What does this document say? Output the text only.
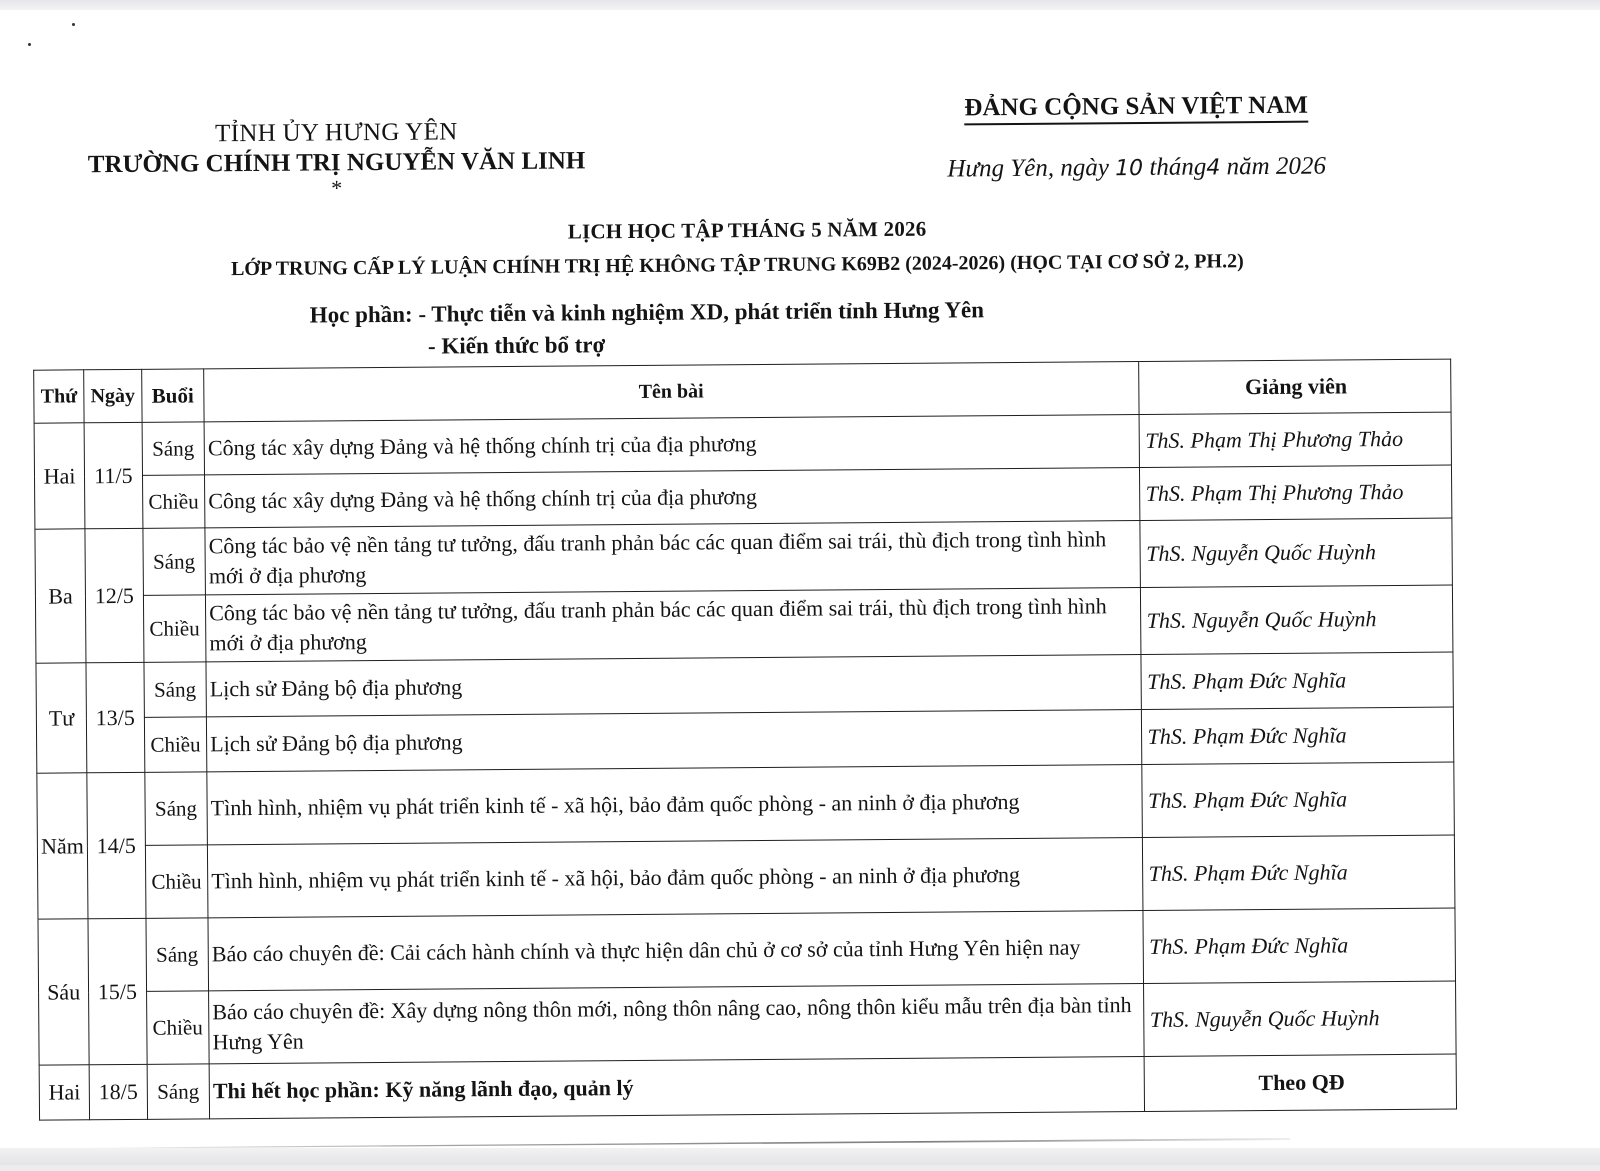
TỈNH ỦY HƯNG YÊN
TRƯỜNG CHÍNH TRỊ NGUYỄN VĂN LINH
*
ĐẢNG CỘNG SẢN VIỆT NAM
Hưng Yên, ngày 10 tháng4 năm 2026
LỊCH HỌC TẬP THÁNG 5 NĂM 2026
LỚP TRUNG CẤP LÝ LUẬN CHÍNH TRỊ HỆ KHÔNG TẬP TRUNG K69B2 (2024-2026) (HỌC TẠI CƠ SỞ 2, PH.2)
Học phần: - Thực tiễn và kinh nghiệm XD, phát triển tỉnh Hưng Yên
- Kiến thức bổ trợ
Thứ	Ngày	Buổi	Tên bài	Giảng viên
Hai	11/5	Sáng	Công tác xây dựng Đảng và hệ thống chính trị của địa phương	ThS. Phạm Thị Phương Thảo
		Chiều	Công tác xây dựng Đảng và hệ thống chính trị của địa phương	ThS. Phạm Thị Phương Thảo
Ba	12/5	Sáng	Công tác bảo vệ nền tảng tư tưởng, đấu tranh phản bác các quan điểm sai trái, thù địch trong tình hình mới ở địa phương	ThS. Nguyễn Quốc Huỳnh
		Chiều	Công tác bảo vệ nền tảng tư tưởng, đấu tranh phản bác các quan điểm sai trái, thù địch trong tình hình mới ở địa phương	ThS. Nguyễn Quốc Huỳnh
Tư	13/5	Sáng	Lịch sử Đảng bộ địa phương	ThS. Phạm Đức Nghĩa
		Chiều	Lịch sử Đảng bộ địa phương	ThS. Phạm Đức Nghĩa
Năm	14/5	Sáng	Tình hình, nhiệm vụ phát triển kinh tế - xã hội, bảo đảm quốc phòng - an ninh ở địa phương	ThS. Phạm Đức Nghĩa
		Chiều	Tình hình, nhiệm vụ phát triển kinh tế - xã hội, bảo đảm quốc phòng - an ninh ở địa phương	ThS. Phạm Đức Nghĩa
Sáu	15/5	Sáng	Báo cáo chuyên đề: Cải cách hành chính và thực hiện dân chủ ở cơ sở của tỉnh Hưng Yên hiện nay	ThS. Phạm Đức Nghĩa
		Chiều	Báo cáo chuyên đề: Xây dựng nông thôn mới, nông thôn nâng cao, nông thôn kiểu mẫu trên địa bàn tỉnh Hưng Yên	ThS. Nguyễn Quốc Huỳnh
Hai	18/5	Sáng	Thi hết học phần: Kỹ năng lãnh đạo, quản lý	Theo QĐ
